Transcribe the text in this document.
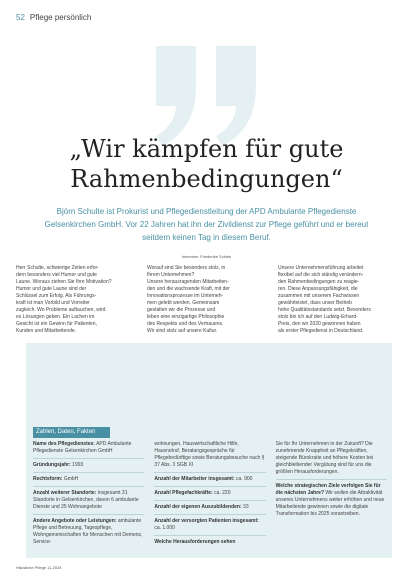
52 Pflege persönlich
„Wir kämpfen für gute
Rahmenbedingungen“

Björn Schulte ist Prokurist und Pflegedienstleitung der APD Ambulante Pflegedienste Gelsenkirchen GmbH. Vor 22 Jahren hat ihn der Zivildienst zur Pflege geführt und er bereut seitdem keinen Tag in diesem Beruf.

Interview: Friederike Schiek

Herr Schulte, schwierige Zeiten erfor-
dern besonders viel Humor und gute
Laune. Woraus ziehen Sie Ihre Motivation?
Humor und gute Laune sind der
Schlüssel zum Erfolg. Als Führungs-
kraft ist man Vorbild und Vorreiter
zugleich. Wo Probleme auftauchen, wird
es Lösungen geben. Ein Lachen im
Gesicht ist ein Gewinn für Patienten,
Kunden und Mitarbeitende.
Worauf sind Sie besonders stolz, in
Ihrem Unternehmen?
Unsere herausragenden Mitarbeiten-
den und die wachsende Kraft, mit der
Innovationsprozesse im Unterneh-
men gelebt werden. Gemeinsam
gestalten wir die Prozesse und
leben eine einzigartige Philosophie
des Respekts und des Vertrauens.
Wir sind stolz auf unsere Kultur.
Unsere Unternehmensführung arbeitet
flexibel auf die sich ständig verändern-
den Rahmenbedingungen zu reagie-
ren. Diese Anpassungsfähigkeit, die
zusammen mit unserem Fachwissen
gewährleistet, dass unser Betrieb
hohe Qualitätsstandards setzt. Besonders
stolz bin ich auf den Ludwig-Erhard-
Preis, den wir 2020 gewonnen haben
als erster Pflegedienst in Deutschland.
Zahlen, Daten, Fakten
Name des Pflegedienstes: APD Ambulante Pflegedienste Gelsenkirchen GmbH
Gründungsjahr: 1993
Rechtsform: GmbH
Anzahl weiterer Standorte: insgesamt 31 Standorte in Gelsenkirchen, davon 6 ambulante Dienste und 25 Wohnangebote
Andere Angebote oder Leistungen: ambulante Pflege und Betreuung, Tagespflege, Wohngemeinschaften für Menschen mit Demenz, Service-
wohnungen, Hauswirtschaftliche Hilfe, Hausnotruf, Beratungsgespräche für Pflegebedürftige sowie Beratungsbesuche nach § 37 Abs. 3 SGB XI
Anzahl der Mitarbeiter insgesamt: ca. 900
Anzahl Pflegefachkräfte: ca. 220
Anzahl der eigenen Auszubildenden: 33
Anzahl der versorgten Patienten insgesamt: ca. 1.000
Welche Herausforderungen sehen
Sie für Ihr Unternehmen in der Zukunft? Die zunehmende Knappheit an Pflegekräften, steigende Bürokratie und höhere Kosten bei gleichbleibender Vergütung sind für uns die größten Herausforderungen.
Welche strategischen Ziele verfolgen Sie für die nächsten Jahre? Wir wollen die Attraktivität unseres Unternehmens weiter erhöhen und neue Mitarbeitende gewinnen sowie die digitale Transformation bis 2025 vorantreiben.
Häusliche Pflege 11-2024
